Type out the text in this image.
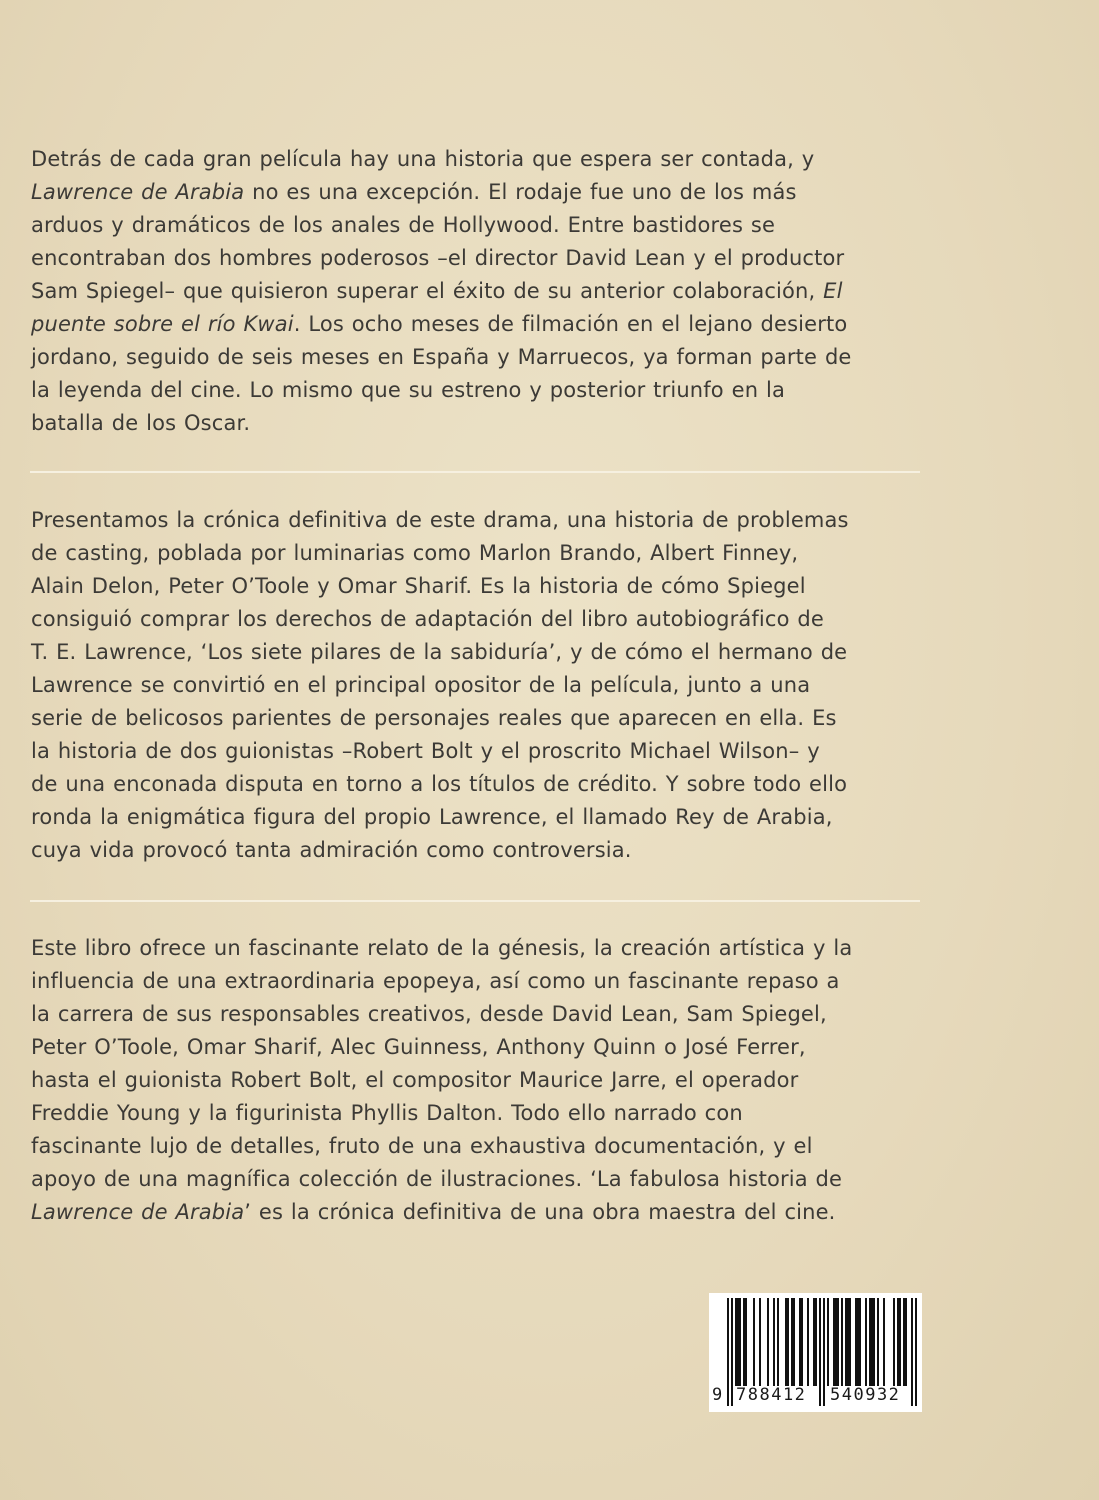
Detrás de cada gran película hay una historia que espera ser contada, y
Lawrence de Arabia no es una excepción. El rodaje fue uno de los más
arduos y dramáticos de los anales de Hollywood. Entre bastidores se
encontraban dos hombres poderosos –el director David Lean y el productor
Sam Spiegel– que quisieron superar el éxito de su anterior colaboración, El
puente sobre el río Kwai. Los ocho meses de filmación en el lejano desierto
jordano, seguido de seis meses en España y Marruecos, ya forman parte de
la leyenda del cine. Lo mismo que su estreno y posterior triunfo en la
batalla de los Oscar.
Presentamos la crónica definitiva de este drama, una historia de problemas
de casting, poblada por luminarias como Marlon Brando, Albert Finney,
Alain Delon, Peter O’Toole y Omar Sharif. Es la historia de cómo Spiegel
consiguió comprar los derechos de adaptación del libro autobiográfico de
T. E. Lawrence, ‘Los siete pilares de la sabiduría’, y de cómo el hermano de
Lawrence se convirtió en el principal opositor de la película, junto a una
serie de belicosos parientes de personajes reales que aparecen en ella. Es
la historia de dos guionistas –Robert Bolt y el proscrito Michael Wilson– y
de una enconada disputa en torno a los títulos de crédito. Y sobre todo ello
ronda la enigmática figura del propio Lawrence, el llamado Rey de Arabia,
cuya vida provocó tanta admiración como controversia.
Este libro ofrece un fascinante relato de la génesis, la creación artística y la
influencia de una extraordinaria epopeya, así como un fascinante repaso a
la carrera de sus responsables creativos, desde David Lean, Sam Spiegel,
Peter O’Toole, Omar Sharif, Alec Guinness, Anthony Quinn o José Ferrer,
hasta el guionista Robert Bolt, el compositor Maurice Jarre, el operador
Freddie Young y la figurinista Phyllis Dalton. Todo ello narrado con
fascinante lujo de detalles, fruto de una exhaustiva documentación, y el
apoyo de una magnífica colección de ilustraciones. ‘La fabulosa historia de
Lawrence de Arabia’ es la crónica definitiva de una obra maestra del cine.
9 788412 540932
